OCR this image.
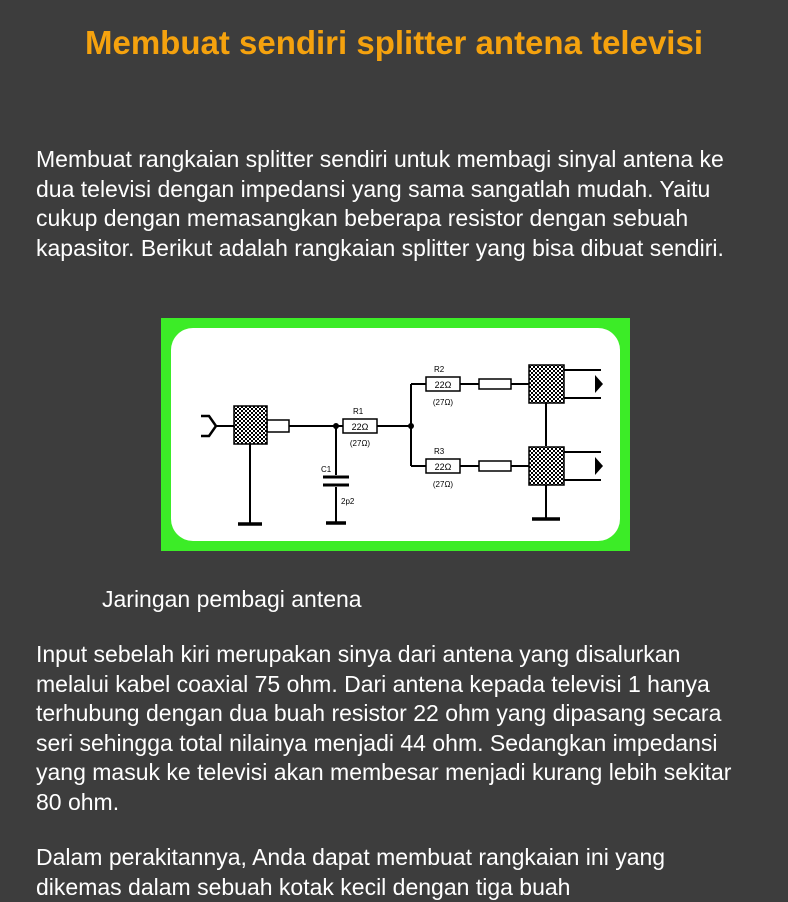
Membuat sendiri splitter antena televisi

Membuat rangkaian splitter sendiri untuk membagi sinyal antena ke dua televisi dengan impedansi yang sama sangatlah mudah. Yaitu cukup dengan memasangkan beberapa resistor dengan sebuah kapasitor. Berikut adalah rangkaian splitter yang bisa dibuat sendiri.

R1
22Ω
(27Ω)
R2
22Ω
(27Ω)
R3
22Ω
(27Ω)
C1
2p2

Jaringan pembagi antena

Input sebelah kiri merupakan sinya dari antena yang disalurkan melalui kabel coaxial 75 ohm. Dari antena kepada televisi 1 hanya terhubung dengan dua buah resistor 22 ohm yang dipasang secara seri sehingga total nilainya menjadi 44 ohm. Sedangkan impedansi yang masuk ke televisi akan membesar menjadi kurang lebih sekitar 80 ohm.

Dalam perakitannya, Anda dapat membuat rangkaian ini yang dikemas dalam sebuah kotak kecil dengan tiga buah
